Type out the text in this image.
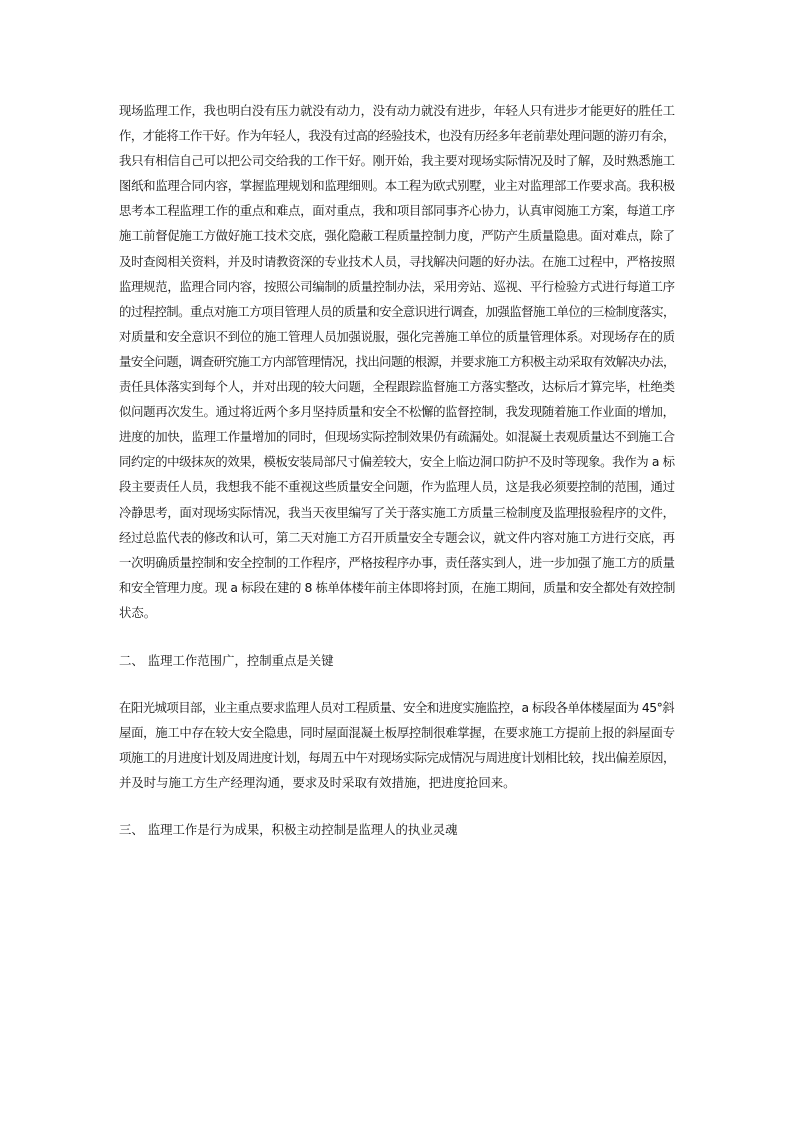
现场监理工作，我也明白没有压力就没有动力，没有动力就没有进步，年轻人只有进步才能更好的胜任工

作，才能将工作干好。作为年轻人，我没有过高的经验技术，也没有历经多年老前辈处理问题的游刃有余，

我只有相信自己可以把公司交给我的工作干好。刚开始，我主要对现场实际情况及时了解，及时熟悉施工

图纸和监理合同内容，掌握监理规划和监理细则。本工程为欧式别墅，业主对监理部工作要求高。我积极

思考本工程监理工作的重点和难点，面对重点，我和项目部同事齐心协力，认真审阅施工方案，每道工序

施工前督促施工方做好施工技术交底，强化隐蔽工程质量控制力度，严防产生质量隐患。面对难点，除了

及时查阅相关资料，并及时请教资深的专业技术人员，寻找解决问题的好办法。在施工过程中，严格按照

监理规范，监理合同内容，按照公司编制的质量控制办法，采用旁站、巡视、平行检验方式进行每道工序

的过程控制。重点对施工方项目管理人员的质量和安全意识进行调查，加强监督施工单位的三检制度落实，

对质量和安全意识不到位的施工管理人员加强说服，强化完善施工单位的质量管理体系。对现场存在的质

量安全问题，调查研究施工方内部管理情况，找出问题的根源，并要求施工方积极主动采取有效解决办法，

责任具体落实到每个人，并对出现的较大问题，全程跟踪监督施工方落实整改，达标后才算完毕，杜绝类

似问题再次发生。通过将近两个多月坚持质量和安全不松懈的监督控制，我发现随着施工作业面的增加，

进度的加快，监理工作量增加的同时，但现场实际控制效果仍有疏漏处。如混凝土表观质量达不到施工合

同约定的中级抹灰的效果，模板安装局部尺寸偏差较大，安全上临边洞口防护不及时等现象。我作为 a 标

段主要责任人员，我想我不能不重视这些质量安全问题，作为监理人员，这是我必须要控制的范围，通过

冷静思考，面对现场实际情况，我当天夜里编写了关于落实施工方质量三检制度及监理报验程序的文件，

经过总监代表的修改和认可，第二天对施工方召开质量安全专题会议，就文件内容对施工方进行交底，再

一次明确质量控制和安全控制的工作程序，严格按程序办事，责任落实到人，进一步加强了施工方的质量

和安全管理力度。现 a 标段在建的 8 栋单体楼年前主体即将封顶，在施工期间，质量和安全都处有效控制

状态。

二、 监理工作范围广，控制重点是关键

在阳光城项目部，业主重点要求监理人员对工程质量、安全和进度实施监控，a 标段各单体楼屋面为 45°斜

屋面，施工中存在较大安全隐患，同时屋面混凝土板厚控制很难掌握，在要求施工方提前上报的斜屋面专

项施工的月进度计划及周进度计划，每周五中午对现场实际完成情况与周进度计划相比较，找出偏差原因，

并及时与施工方生产经理沟通，要求及时采取有效措施，把进度抢回来。

三、 监理工作是行为成果，积极主动控制是监理人的执业灵魂
